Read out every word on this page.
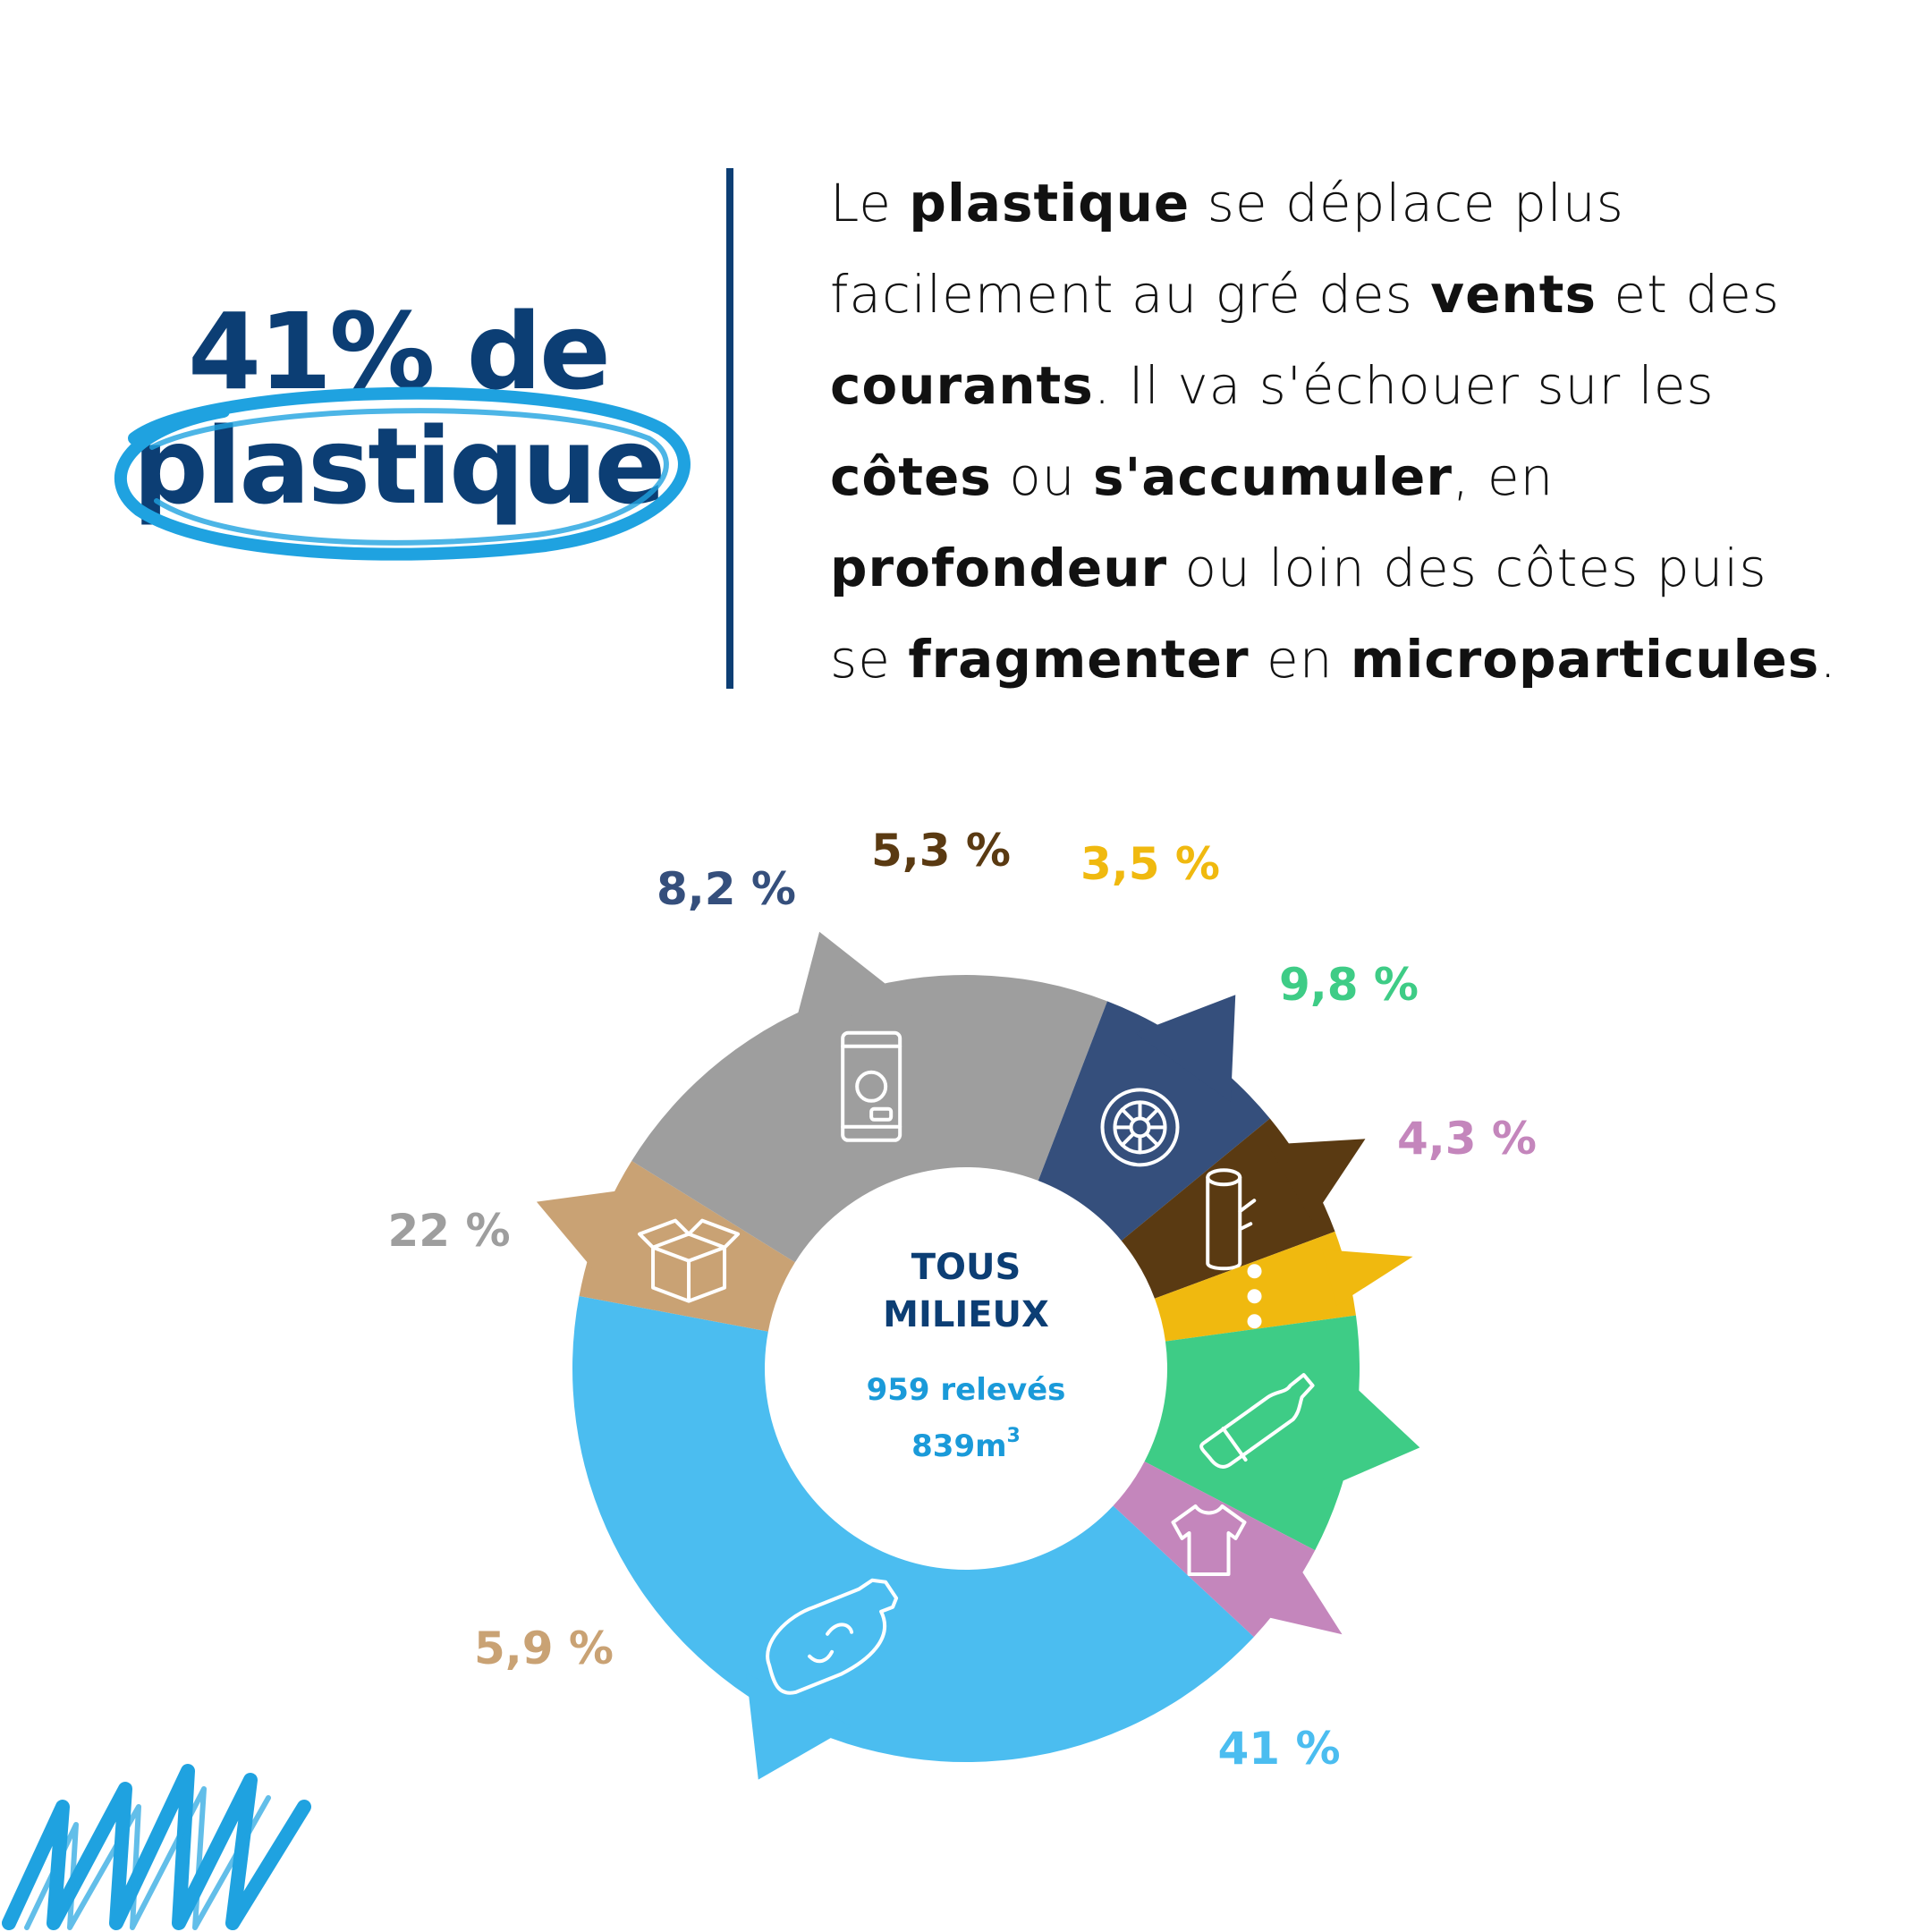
41% de
plastique
Le plastique se déplace plus
facilement au gré des vents et des
courants. Il va s'échouer sur les
côtes ou s'accumuler, en
profondeur ou loin des côtes puis
se fragmenter en microparticules.
41 %
5,9 %
22 %
8,2 %
5,3 % 3,5 %
9,8 %
4,3 %
TOUS
MILIEUX
959 relevés
$839m^3$
